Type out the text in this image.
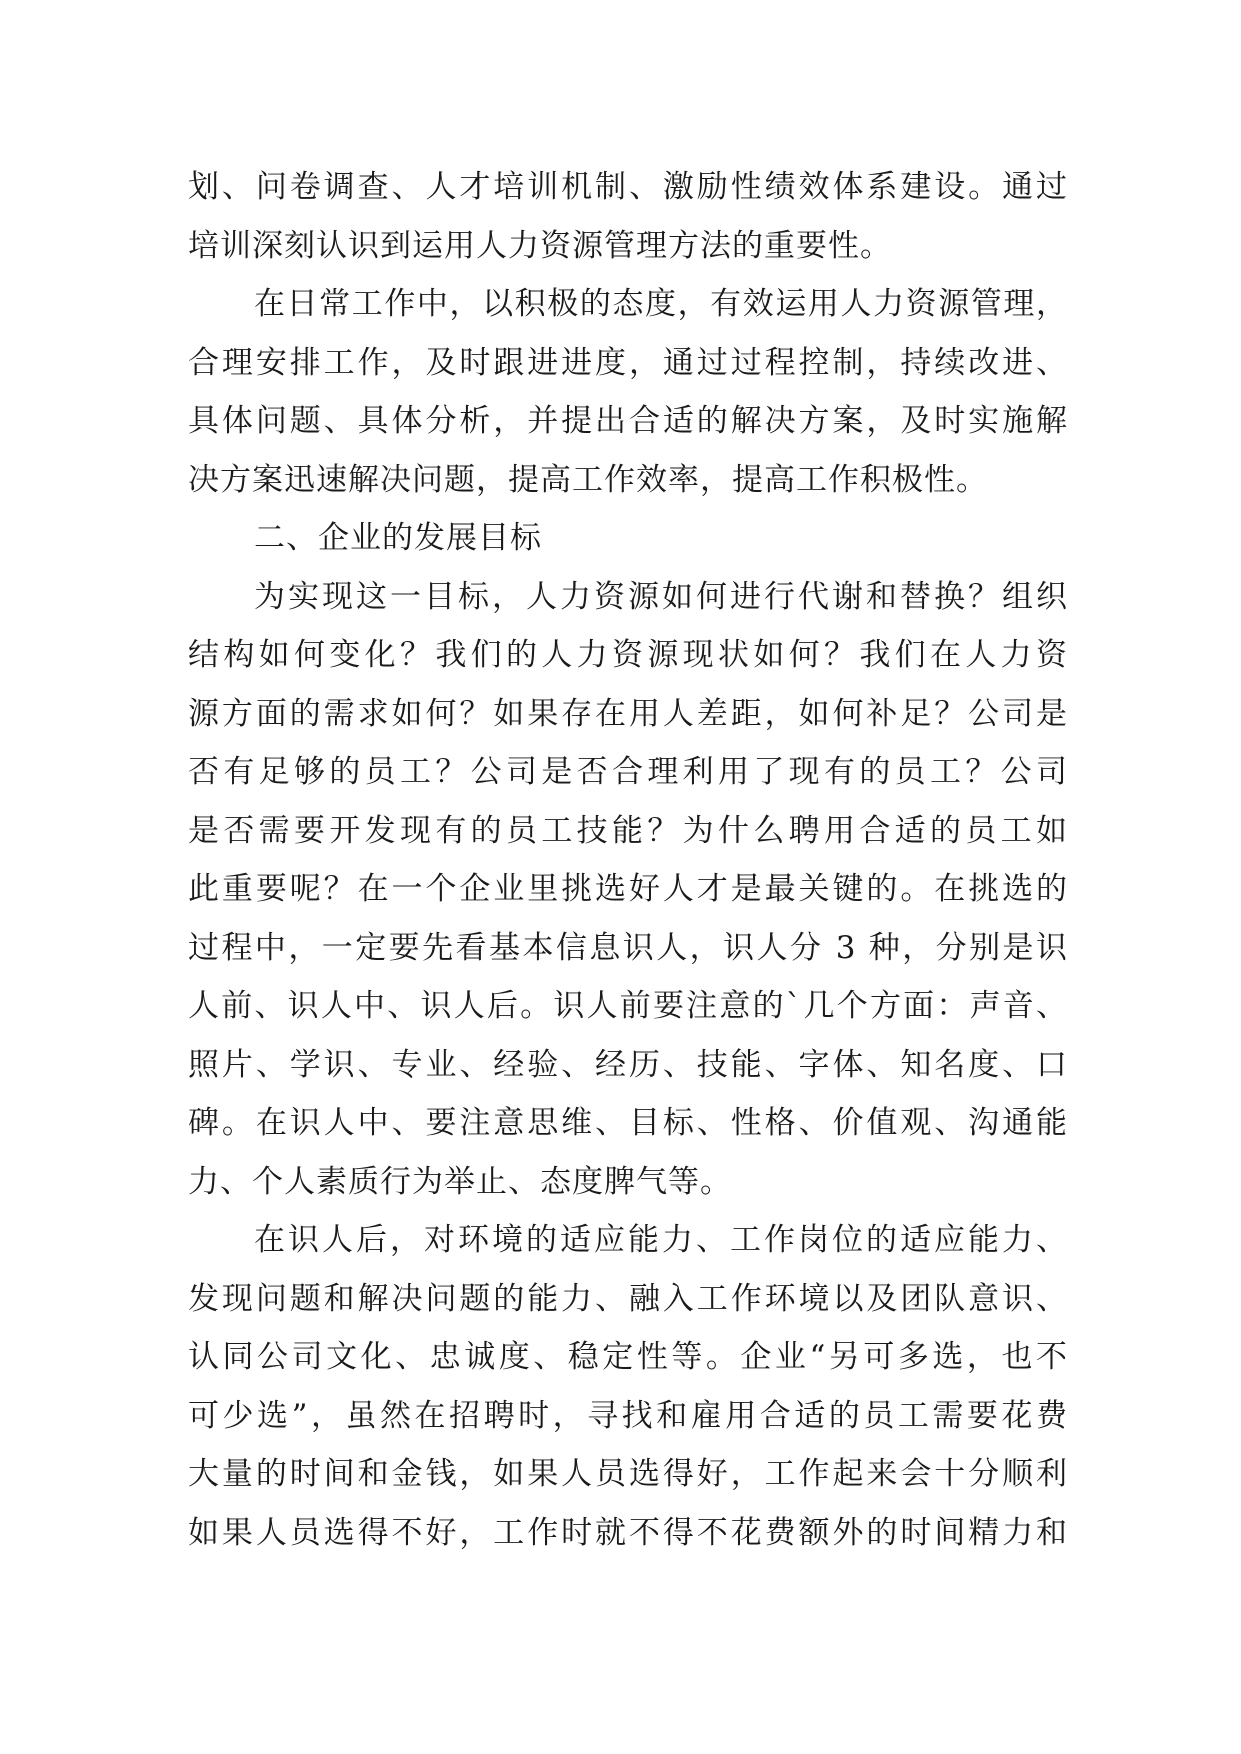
划、问卷调查、人才培训机制、激励性绩效体系建设。通过
培训深刻认识到运用人力资源管理方法的重要性。
在日常工作中，以积极的态度，有效运用人力资源管理，
合理安排工作，及时跟进进度，通过过程控制，持续改进、
具体问题、具体分析，并提出合适的解决方案，及时实施解
决方案迅速解决问题，提高工作效率，提高工作积极性。
二、企业的发展目标
为实现这一目标，人力资源如何进行代谢和替换？组织
结构如何变化？我们的人力资源现状如何？我们在人力资
源方面的需求如何？如果存在用人差距，如何补足？公司是
否有足够的员工？公司是否合理利用了现有的员工？公司
是否需要开发现有的员工技能？为什么聘用合适的员工如
此重要呢？在一个企业里挑选好人才是最关键的。在挑选的
过程中，一定要先看基本信息识人，识人分 3 种，分别是识
人前、识人中、识人后。识人前要注意的`几个方面：声音、
照片、学识、专业、经验、经历、技能、字体、知名度、口
碑。在识人中、要注意思维、目标、性格、价值观、沟通能
力、个人素质行为举止、态度脾气等。
在识人后，对环境的适应能力、工作岗位的适应能力、
发现问题和解决问题的能力、融入工作环境以及团队意识、
认同公司文化、忠诚度、稳定性等。企业“另可多选，也不
可少选”，虽然在招聘时，寻找和雇用合适的员工需要花费
大量的时间和金钱，如果人员选得好，工作起来会十分顺利
如果人员选得不好，工作时就不得不花费额外的时间精力和
